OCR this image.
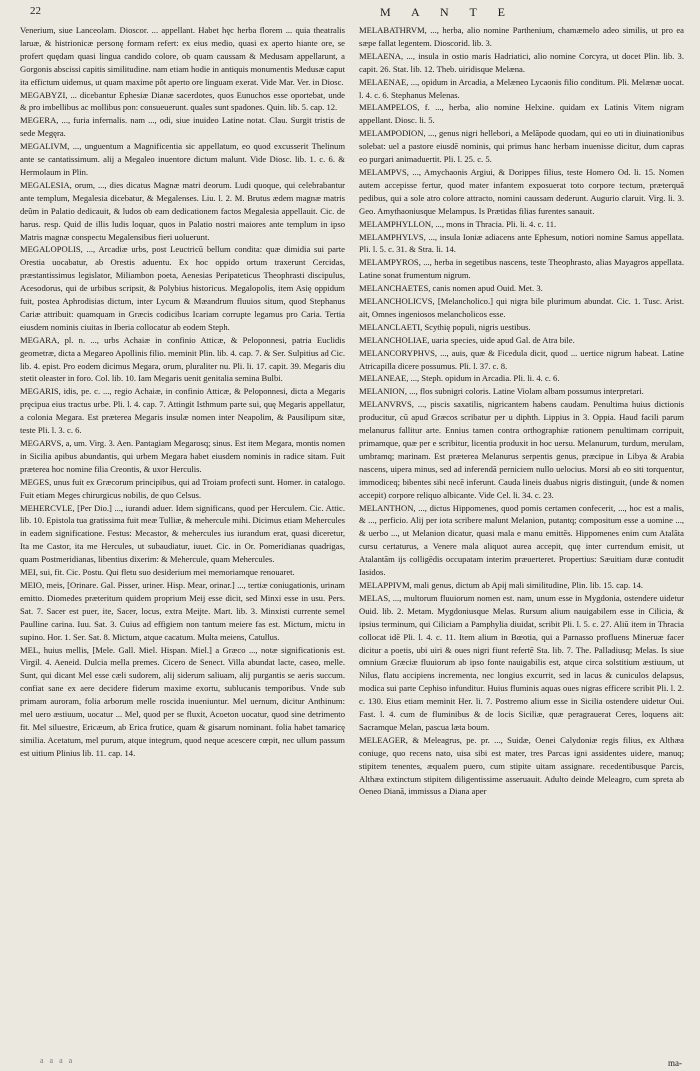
22	M A N T E

Venerium, siue Lanceolam. Dioscor. ... appellant. Habet hęc herba florem ... quia theatralis laruæ, & histrionicæ personę formam refert: ex eius medio, quasi ex aperto hiante ore, se profert quędam quasi lingua candido colore, ob quam caussam & Medusam appellarunt, a Gorgonis abscissi capitis similitudine. nam etiam hodie in antiquis monumentis Medusæ caput ita effictum uidemus, ut quam maxime pôt aperto ore linguam exerat. Vide Mar. Ver. in Diosc.

MEGABYZI, ... dicebantur Ephesiæ Dianæ sacerdotes, quos Eunuchos esse oportebat, unde & pro imbellibus ac mollibus pon: consueuerunt. quales sunt spadones. Quin. lib. 5. cap. 12.

MEGERA, ..., furia infernalis. nam ..., odi, siue inuideo Latine notat. Clau. Surgit tristis de sede Megęra.

MEGALIVM, ..., unguentum a Magnificentia sic appellatum, eo quod excusserit Thelinum ante se cantatissimum. alij a Megaleo inuentore dictum malunt. Vide Diosc. lib. 1. c. 6. & Hermolaum in Plin.

MEGALESIA, orum, ..., dies dicatus Magnæ matri deorum. Ludi quoque, qui celebrabantur ante templum, Megalesia dicebatur, & Megalenses. Liu. l. 2. M. Brutus ædem magnæ matris deûm in Palatio dedicauit, & ludos ob eam dedicationem factos Megalesia appellauit. Cic. de harus. resp. Quid de illis ludis loquar, quos in Palatio nostri maiores ante templum in ipso Matris magnæ conspectu Megalensibus fieri uoluerunt.

MEGALOPOLIS, ..., Arcadiæ urbs, post Leuctricū bellum condita: quæ dimidia sui parte Orestia uocabatur, ab Orestis aduentu. Ex hoc oppido ortum traxerunt Cercidas, præstantissimus legislator, Miliambon poeta, Aenesias Peripateticus Theophrasti discipulus, Acesodorus, qui de urbibus scripsit, & Polybius historicus. Megalopolis, item Asię oppidum fuit, postea Aphrodisias dictum, inter Lycum & Mæandrum fluuios situm, quod Stephanus Cariæ attribuit: quamquam in Græcis codicibus Icariam corrupte legamus pro Caria. Tertia eiusdem nominis ciuitas in Iberia collocatur ab eodem Steph.

MEGARA, pl. n. ..., urbs Achaiæ in confinio Atticæ, & Peloponnesi, patria Euclidis geometræ, dicta a Megareo Apollinis filio. meminit Plin. lib. 4. cap. 7. & Ser. Sulpitius ad Cic. lib. 4. epist. Pro eodem dicimus Megara, orum, pluraliter nu. Pli. li. 17. capit. 39. Megaris diu stetit oleaster in foro. Col. lib. 10. Iam Megaris uenit genitalia semina Bulbi.

MEGARIS, idis, pe. c. ..., regio Achaiæ, in confinio Atticæ, & Peloponnesi, dicta a Megaris pręcipua eius tractus urbe. Pli. l. 4. cap. 7. Attingit Isthmum parte sui, quę Megaris appellatur, a colonia Megara. Est præterea Megaris insulæ nomen inter Neapolim, & Pausilipum sitæ, teste Pli. l. 3. c. 6.

MEGARVS, a, um. Virg. 3. Aen. Pantagiam Megarosq; sinus. Est item Megara, montis nomen in Sicilia apibus abundantis, qui urbem Megara habet eiusdem nominis in radice sitam. Fuit præterea hoc nomine filia Creontis, & uxor Herculis.

MEGES, unus fuit ex Græcorum principibus, qui ad Troiam profecti sunt. Homer. in catalogo. Fuit etiam Meges chirurgicus nobilis, de quo Celsus.

MEHERCVLE, [Per Dio.] ..., iurandi aduer. Idem significans, quod per Herculem. Cic. Attic. lib. 10. Epistola tua gratissima fuit meæ Tulliæ, & mehercule mihi. Dicimus etiam Mehercules in eadem significatione. Festus: Mecastor, & mehercules ius iurandum erat, quasi diceretur, Ita me Castor, ita me Hercules, ut subaudiatur, iuuet. Cic. in Or. Pomeridianas quadrigas, quam Postmeridianas, libentius dixerim: & Mehercule, quam Mehercules.

MEI, sui, fit. Cic. Postu. Qui fletu suo desiderium mei memoriamque renouaret.

MEIO, meis, [Orinare. Gal. Pisser, uriner. Hisp. Mear, orinar.] ..., tertiæ coniugationis, urinam emitto. Diomedes præteritum quidem proprium Meij esse dicit, sed Minxi esse in usu. Pers. Sat. 7. Sacer est puer, ite, Sacer, locus, extra Meijte. Mart. lib. 3. Minxisti currente semel Paulline carina. Iuu. Sat. 3. Cuius ad effigiem non tantum meiere fas est. Mictum, mictu in supino. Hor. 1. Ser. Sat. 8. Mictum, atque cacatum. Multa meiens, Catullus.

MEL, huius mellis, [Mele. Gall. Miel. Hispan. Miel.] a Græco ..., notæ significationis est. Virgil. 4. Aeneid. Dulcia mella premes. Cicero de Senect. Villa abundat lacte, caseo, melle. Sunt, qui dicant Mel esse cæli sudorem, alij siderum saliuam, alij purgantis se aeris succum. confiat sane ex aere decidere fiderum maxime exortu, sublucanis temporibus. Vnde sub primam auroram, folia arborum melle roscida inueniuntur. Mel uernum, dicitur Anthinum: mel uero æstiuum, uocatur ... Mel, quod per se fluxit, Acoeton uocatur, quod sine detrimento fit. Mel siluestre, Ericæum, ab Erica frutice, quam & gisarum nominant. folia habet tamaricę similia. Acetatum, mel purum, atque integrum, quod neque acescere cœpit, nec ullum passum est uitium Plinius lib. 11. cap. 14.

MELABATHRVM, ..., herba, alio nomine Parthenium, chamæmelo adeo similis, ut pro ea sæpe fallat legentem. Dioscorid. lib. 3.

MELAENA, ..., insula in ostio maris Hadriatici, alio nomine Corcyra, ut docet Plin. lib. 3. capit. 26. Stat. lib. 12. Theb. uiridisque Melæna.

MELAENAE, ..., opidum in Arcadia, a Melæneo Lycaonis filio conditum. Pli. Melænæ uocat. l. 4. c. 6. Stephanus Melenas.

MELAMPELOS, f. ..., herba, alio nomine Helxine. quidam ex Latinis Vitem nigram appellant. Diosc. li. 5.

MELAMPODION, ..., genus nigri hellebori, a Melāpode quodam, qui eo uti in diuinationibus solebat: uel a pastore eiusdē nominis, qui primus hanc herbam inuenisse dicitur, dum capras eo purgari animaduertit. Pli. l. 25. c. 5.

MELAMPVS, ..., Amychaonis Argiui, & Dorippes filius, teste Homero Od. li. 15. Nomen autem accepisse fertur, quod mater infantem exposuerat toto corpore tectum, præterquā pedibus, qui a sole atro colore attracto, nomini caussam dederunt. Augurio claruit. Virg. li. 3. Geo. Amythaoniusque Melampus. Is Prætidas filias furentes sanauit.

MELAMPHYLLON, ..., mons in Thracia. Pli. li. 4. c. 11.

MELAMPHYLVS, ..., insula Ioniæ adiacens ante Ephesum, notiori nomine Samus appellata. Pli. l. 5. c. 31. & Stra. li. 14.

MELAMPYROS, ..., herba in segetibus nascens, teste Theophrasto, alias Mayagros appellata. Latine sonat frumentum nigrum.

MELANCHAETES, canis nomen apud Ouid. Met. 3.

MELANCHOLICVS, [Melancholico.] qui nigra bile plurimum abundat. Cic. 1. Tusc. Arist. ait, Omnes ingeniosos melancholicos esse.

MELANCLAETI, Scythię populi, nigris uestibus.

MELANCHOLIAE, uaria species, uide apud Gal. de Atra bile.

MELANCORYPHVS, ..., auis, quæ & Ficedula dicit, quod ... uertice nigrum habeat. Latine Atricapilla dicere possumus. Pli. l. 37. c. 8.

MELANEAE, ..., Steph. opidum in Arcadia. Pli. li. 4. c. 6.

MELANION, ..., flos subnigri coloris. Latine Violam albam possumus interpretari.

MELANVRVS, ..., piscis saxatilis, nigricantem habens caudam. Penultima huius dictionis producitur, cū apud Græcos scribatur per u diphth. Lippius in 3. Oppia. Haud facili parum melanurus fallitur arte. Ennius tamen contra orthographiæ rationem penultimam corripuit, primamque, quæ per e scribitur, licentia produxit in hoc uersu. Melanurum, turdum, merulam, umbramq; marinam. Est præterea Melanurus serpentis genus, præcipue in Libya & Arabia nascens, uipera minus, sed ad inferendā perniciem nullo uelocius. Morsi ab eo siti torquentur, immodiceq; bibentes sibi necē inferunt. Cauda lineis duabus nigris distinguit, (unde & nomen accepit) corpore reliquo albicante. Vide Cel. li. 34. c. 23.

MELANTHON, ..., dictus Hippomenes, quod pomis certamen confecerit, ..., hoc est a malis, & ..., perficio. Alij per iota scribere malunt Melanion, putantq; compositum esse a uomine ..., & uerbo ..., ut Melanion dicatur, quasi mala e manu emittēs. Hippomenes enim cum Atalāta cursu certaturus, a Venere mala aliquot aurea accepit, quę inter currendum emisit, ut Atalantām ijs colligēdis occupatam interim præuerteret. Propertius: Sæuitiam duræ contudit Iasidos.

MELAPPIVM, mali genus, dictum ab Apij mali similitudine, Plin. lib. 15. cap. 14.

MELAS, ..., multorum fluuiorum nomen est. nam, unum esse in Mygdonia, ostendere uidetur Ouid. lib. 2. Metam. Mygdoniusque Melas. Rursum alium nauigabilem esse in Cilicia, & ipsius terminum, qui Ciliciam a Pamphylia diuidat, scribit Pli. l. 5. c. 27. Aliū item in Thracia collocat idē Pli. l. 4. c. 11. Item alium in Bœotia, qui a Parnasso profluens Mineruæ facer dicitur a poetis, ubi uiri & oues nigri fiunt refertē Sta. lib. 7. The. Palladiusq; Melas. Is siue omnium Græciæ fluuiorum ab ipso fonte nauigabilis est, atque circa solstitium æstiuum, ut Nilus, flatu accipiens incrementa, nec longius excurrit, sed in lacus & cuniculos delapsus, modica sui parte Cephiso infunditur. Huius fluminis aquas oues nigras efficere scribit Pli. l. 2. c. 130. Eius etiam meminit Her. li. 7. Postremo alium esse in Sicilia ostendere uidetur Oui. Fast. l. 4. cum de fluminibus & de locis Siciliæ, quæ peragrauerat Ceres, loquens ait: Sacramque Melan, pascua læta boum.

MELEAGER, & Meleagrus, pe. pr. ..., Suidæ, Oenei Calydoniæ regis filius, ex Althæa coniuge, quo recens nato, uisa sibi est mater, tres Parcas igni assidentes uidere, manuq; stipitem tenentes, æqualem puero, cum stipite uitam assignare. recedentibusque Parcis, Althæa extinctum stipitem diligentissime asseruauit. Adulto deinde Meleagro, cum spreta ab Oeneo Dianā, immissus a Diana aper

a a a a	ma-
